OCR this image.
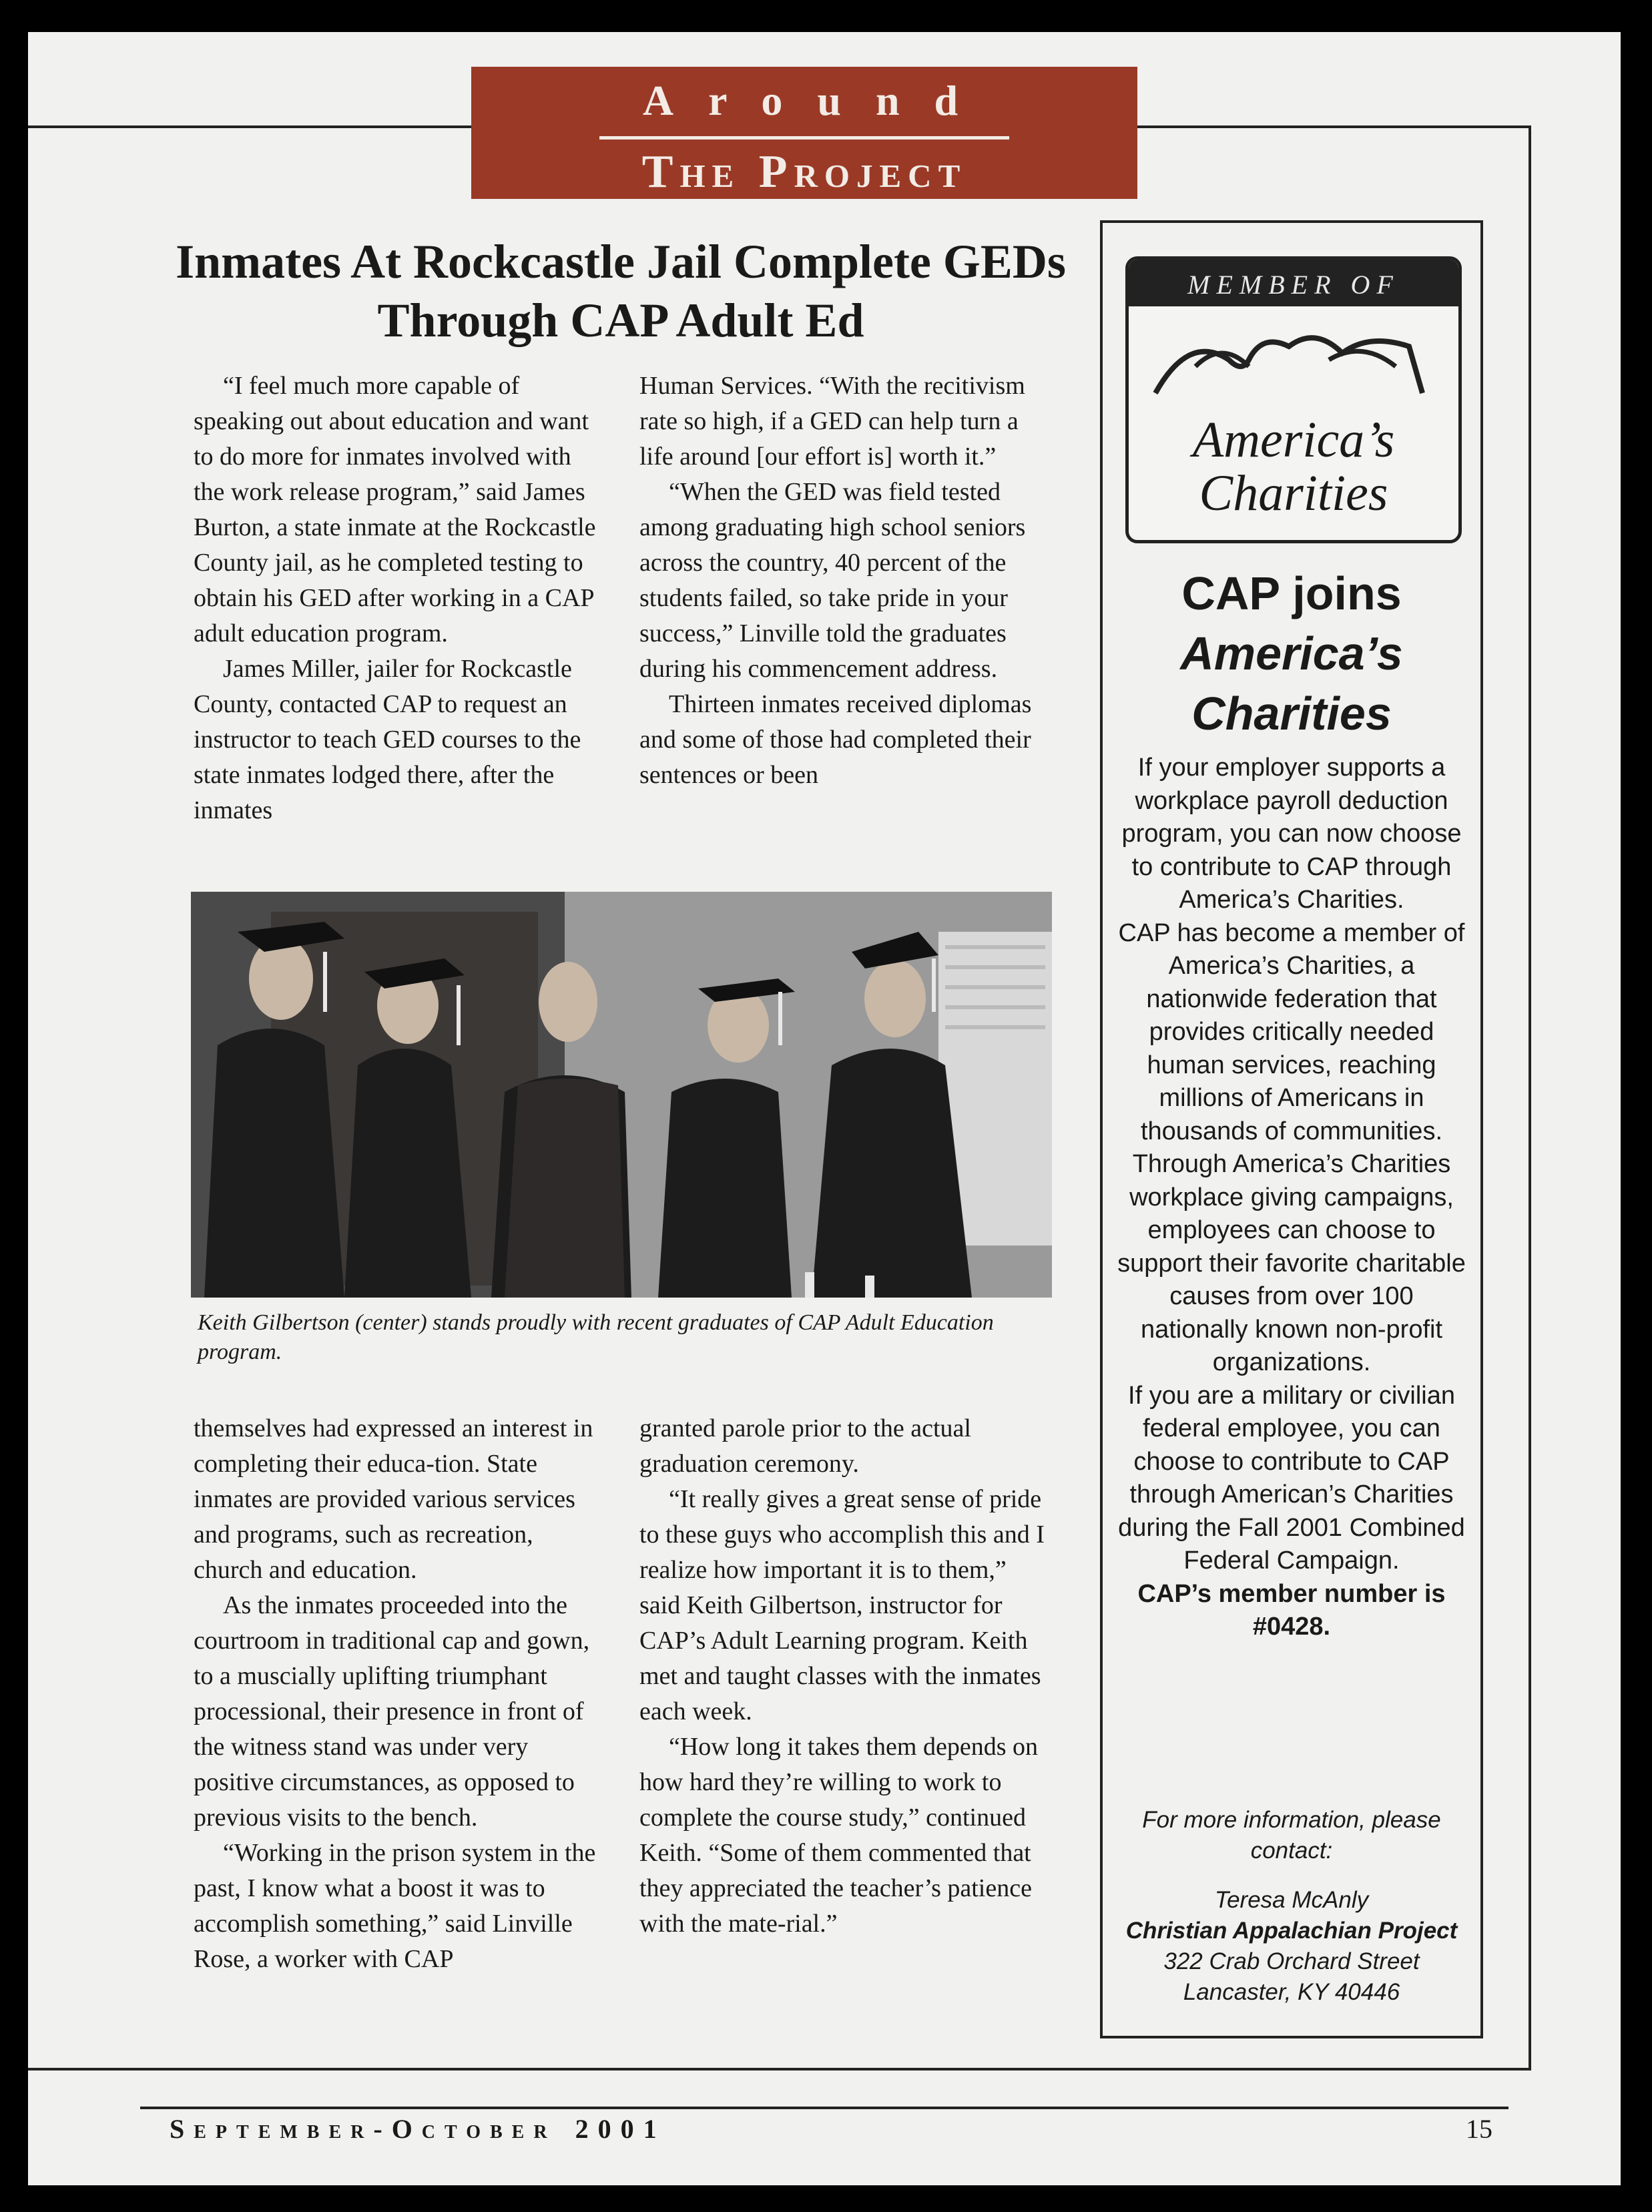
Around
The Project
Inmates At Rockcastle Jail Complete GEDs Through CAP Adult Ed

“I feel much more capable of speaking out about education and want to do more for inmates involved with the work release program,” said James Burton, a state inmate at the Rockcastle County jail, as he completed testing to obtain his GED after working in a CAP adult education program.

James Miller, jailer for Rockcastle County, contacted CAP to request an instructor to teach GED courses to the state inmates lodged there, after the inmates

Human Services. “With the recitivism rate so high, if a GED can help turn a life around [our effort is] worth it.”

“When the GED was field tested among graduating high school seniors across the country, 40 percent of the students failed, so take pride in your success,” Linville told the graduates during his commencement address.

Thirteen inmates received diplomas and some of those had completed their sentences or been

Keith Gilbertson (center) stands proudly with recent graduates of CAP Adult Education program.

themselves had expressed an interest in completing their educa-tion. State inmates are provided various services and programs, such as recreation, church and education.

As the inmates proceeded into the courtroom in traditional cap and gown, to a muscially uplifting triumphant processional, their presence in front of the witness stand was under very positive circumstances, as opposed to previous visits to the bench.

“Working in the prison system in the past, I know what a boost it was to accomplish something,” said Linville Rose, a worker with CAP

granted parole prior to the actual graduation ceremony.

“It really gives a great sense of pride to these guys who accomplish this and I realize how important it is to them,” said Keith Gilbertson, instructor for CAP’s Adult Learning program. Keith met and taught classes with the inmates each week.

“How long it takes them depends on how hard they’re willing to work to complete the course study,” continued Keith. “Some of them commented that they appreciated the teacher’s patience with the mate-rial.”

MEMBER OF
America’s
Charities
CAP joins
America’s
Charities

If your employer supports a workplace payroll deduction program, you can now choose to contribute to CAP through America’s Charities.

CAP has become a member of America’s Charities, a nationwide federation that provides critically needed human services, reaching millions of Americans in thousands of communities. Through America’s Charities workplace giving campaigns, employees can choose to support their favorite charitable causes from over 100 nationally known non-profit organizations.

If you are a military or civilian federal employee, you can choose to contribute to CAP through American’s Charities during the Fall 2001 Combined Federal Campaign.

CAP’s member number is #0428.

For more information, please contact:
Teresa McAnly
Christian Appalachian Project
322 Crab Orchard Street
Lancaster, KY 40446
September-October 2001	15
